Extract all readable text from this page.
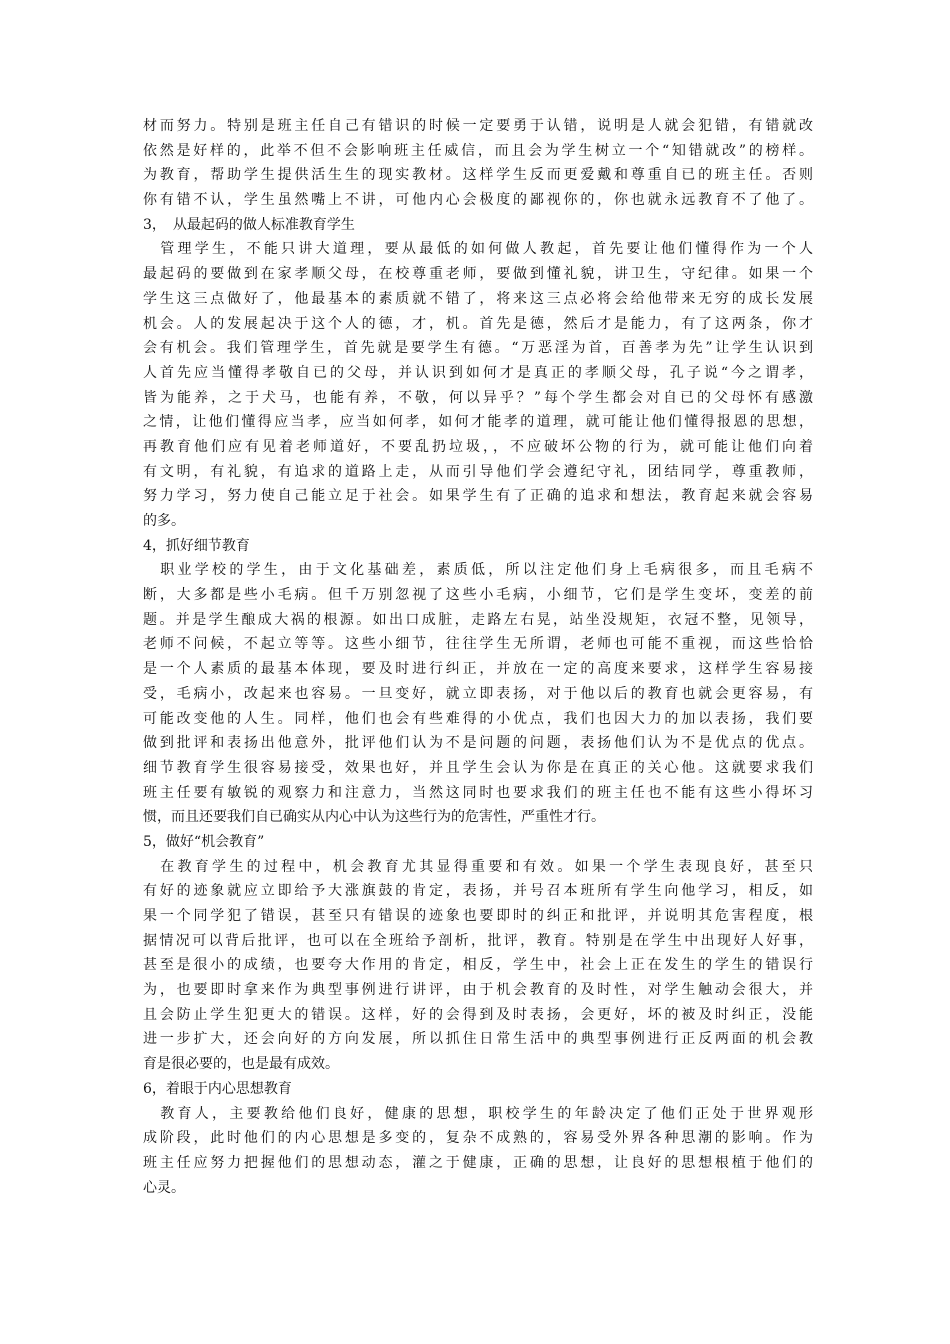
材而努力。特别是班主任自己有错识的时候一定要勇于认错，说明是人就会犯错，有错就改
依然是好样的，此举不但不会影响班主任威信，而且会为学生树立一个“知错就改”的榜样。
为教育，帮助学生提供活生生的现实教材。这样学生反而更爱戴和尊重自已的班主任。否则
你有错不认，学生虽然嘴上不讲，可他内心会极度的鄙视你的，你也就永远教育不了他了。
3，　从最起码的做人标准教育学生
　管理学生，不能只讲大道理，要从最低的如何做人教起，首先要让他们懂得作为一个人
最起码的要做到在家孝顺父母，在校尊重老师，要做到懂礼貌，讲卫生，守纪律。如果一个
学生这三点做好了，他最基本的素质就不错了，将来这三点必将会给他带来无穷的成长发展
机会。人的发展起决于这个人的德，才，机。首先是德，然后才是能力，有了这两条，你才
会有机会。我们管理学生，首先就是要学生有德。“万恶淫为首，百善孝为先”让学生认识到
人首先应当懂得孝敬自已的父母，并认识到如何才是真正的孝顺父母，孔子说“今之谓孝，
皆为能养，之于犬马，也能有养，不敬，何以异乎？”每个学生都会对自已的父母怀有感激
之情，让他们懂得应当孝，应当如何孝，如何才能孝的道理，就可能让他们懂得报恩的思想，
再教育他们应有见着老师道好，不要乱扔垃圾，，不应破坏公物的行为，就可能让他们向着
有文明，有礼貌，有追求的道路上走，从而引导他们学会遵纪守礼，团结同学，尊重教师，
努力学习，努力使自己能立足于社会。如果学生有了正确的追求和想法，教育起来就会容易
的多。
4，抓好细节教育
　职业学校的学生，由于文化基础差，素质低，所以注定他们身上毛病很多，而且毛病不
断，大多都是些小毛病。但千万别忽视了这些小毛病，小细节，它们是学生变坏，变差的前
题。并是学生酿成大祸的根源。如出口成脏，走路左右晃，站坐没规矩，衣冠不整，见领导，
老师不问候，不起立等等。这些小细节，往往学生无所谓，老师也可能不重视，而这些恰恰
是一个人素质的最基本体现，要及时进行纠正，并放在一定的高度来要求，这样学生容易接
受，毛病小，改起来也容易。一旦变好，就立即表扬，对于他以后的教育也就会更容易，有
可能改变他的人生。同样，他们也会有些难得的小优点，我们也因大力的加以表扬，我们要
做到批评和表扬出他意外，批评他们认为不是问题的问题，表扬他们认为不是优点的优点。
细节教育学生很容易接受，效果也好，并且学生会认为你是在真正的关心他。这就要求我们
班主任要有敏锐的观察力和注意力，当然这同时也要求我们的班主任也不能有这些小得坏习
惯，而且还要我们自已确实从内心中认为这些行为的危害性，严重性才行。
5，做好“机会教育”
　在教育学生的过程中，机会教育尤其显得重要和有效。如果一个学生表现良好，甚至只
有好的迹象就应立即给予大涨旗鼓的肯定，表扬，并号召本班所有学生向他学习，相反，如
果一个同学犯了错误，甚至只有错误的迹象也要即时的纠正和批评，并说明其危害程度，根
据情况可以背后批评，也可以在全班给予剖析，批评，教育。特别是在学生中出现好人好事，
甚至是很小的成绩，也要夸大作用的肯定，相反，学生中，社会上正在发生的学生的错误行
为，也要即时拿来作为典型事例进行讲评，由于机会教育的及时性，对学生触动会很大，并
且会防止学生犯更大的错误。这样，好的会得到及时表扬，会更好，坏的被及时纠正，没能
进一步扩大，还会向好的方向发展，所以抓住日常生活中的典型事例进行正反两面的机会教
育是很必要的，也是最有成效。
6，着眼于内心思想教育
　教育人，主要教给他们良好，健康的思想，职校学生的年龄决定了他们正处于世界观形
成阶段，此时他们的内心思想是多变的，复杂不成熟的，容易受外界各种思潮的影响。作为
班主任应努力把握他们的思想动态，灌之于健康，正确的思想，让良好的思想根植于他们的
心灵。
